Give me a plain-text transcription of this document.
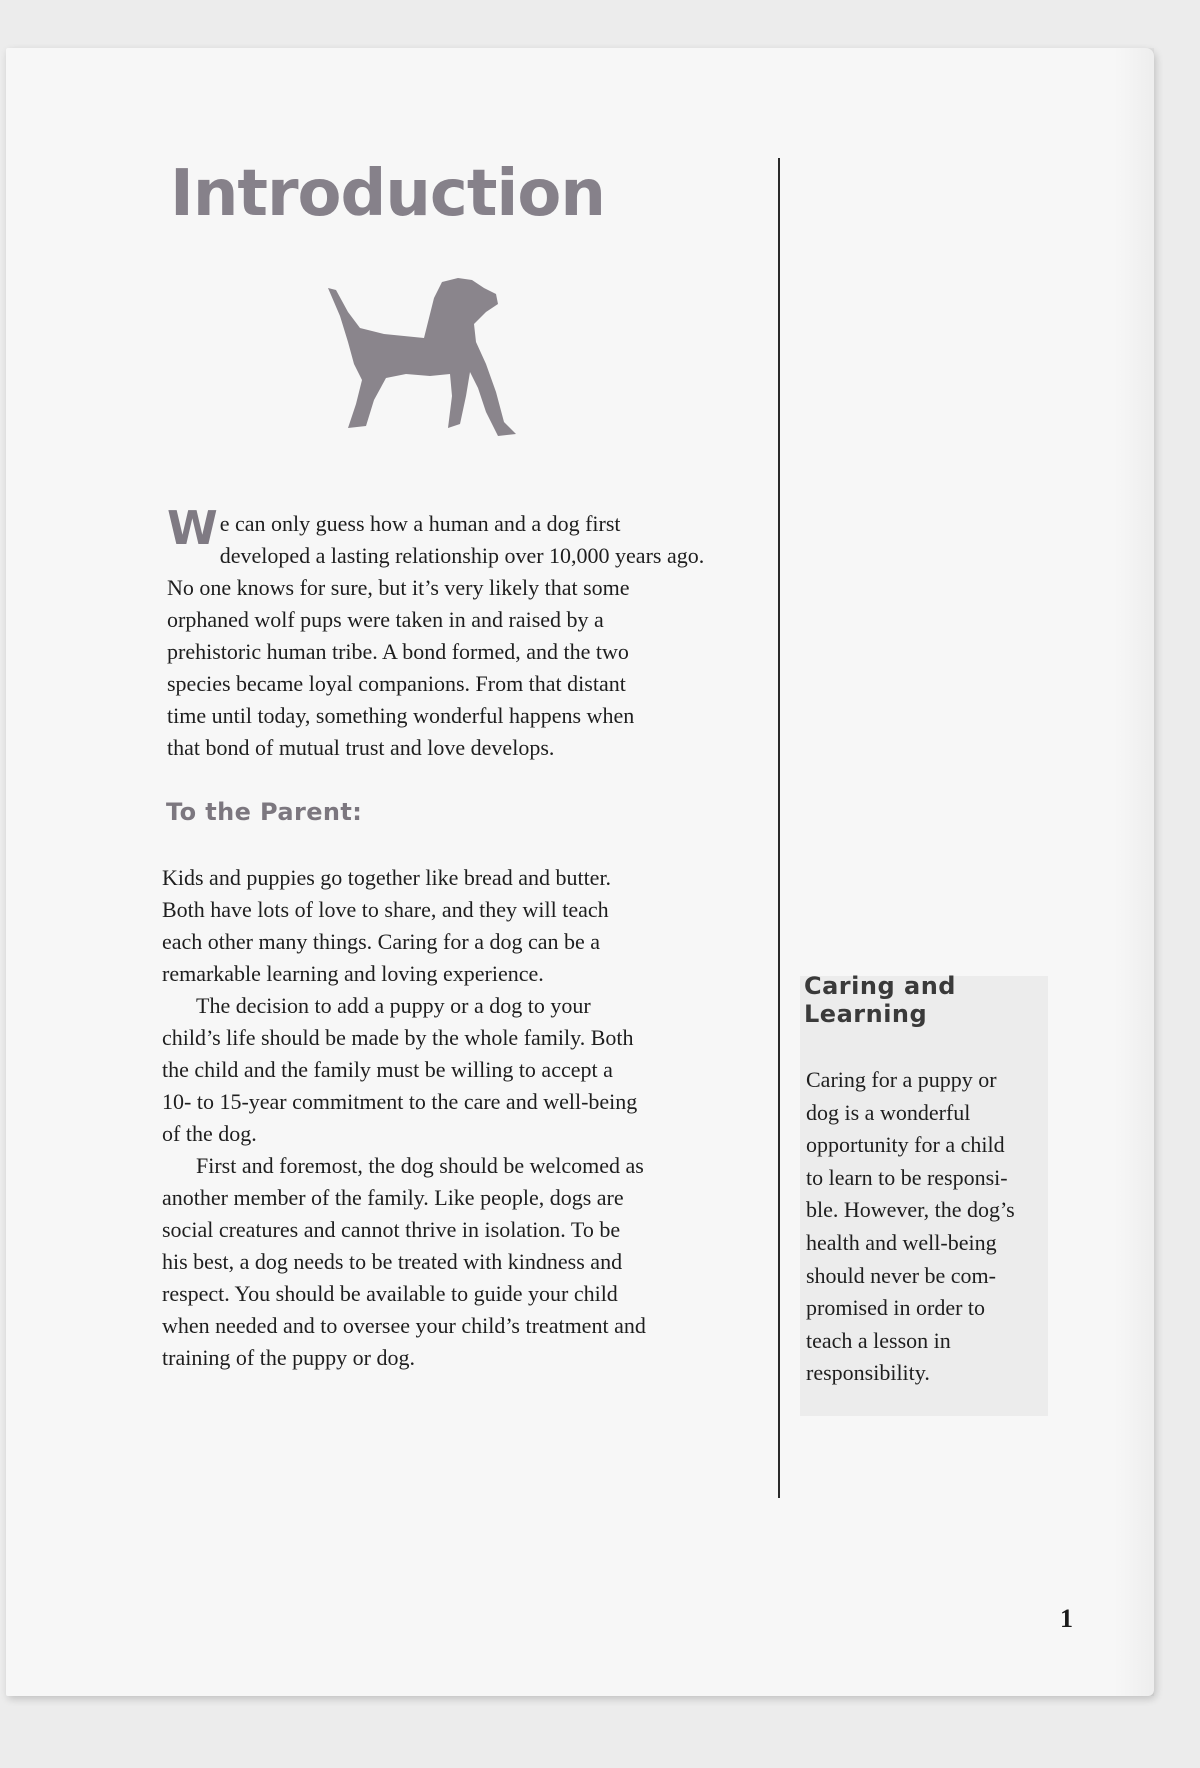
Introduction
W e can only guess how a human and a dog first
developed a lasting relationship over 10,000 years ago.
No one knows for sure, but it’s very likely that some
orphaned wolf pups were taken in and raised by a
prehistoric human tribe. A bond formed, and the two
species became loyal companions. From that distant
time until today, something wonderful happens when
that bond of mutual trust and love develops.

To the Parent:

Kids and puppies go together like bread and butter.
Both have lots of love to share, and they will teach
each other many things. Caring for a dog can be a
remarkable learning and loving experience.

The decision to add a puppy or a dog to your
child’s life should be made by the whole family. Both
the child and the family must be willing to accept a
10- to 15-year commitment to the care and well-being
of the dog.

First and foremost, the dog should be welcomed as
another member of the family. Like people, dogs are
social creatures and cannot thrive in isolation. To be
his best, a dog needs to be treated with kindness and
respect. You should be available to guide your child
when needed and to oversee your child’s treatment and
training of the puppy or dog.

Caring and
Learning
Caring for a puppy or
dog is a wonderful
opportunity for a child
to learn to be responsi-
ble. However, the dog’s
health and well-being
should never be com-
promised in order to
teach a lesson in
responsibility.
1
